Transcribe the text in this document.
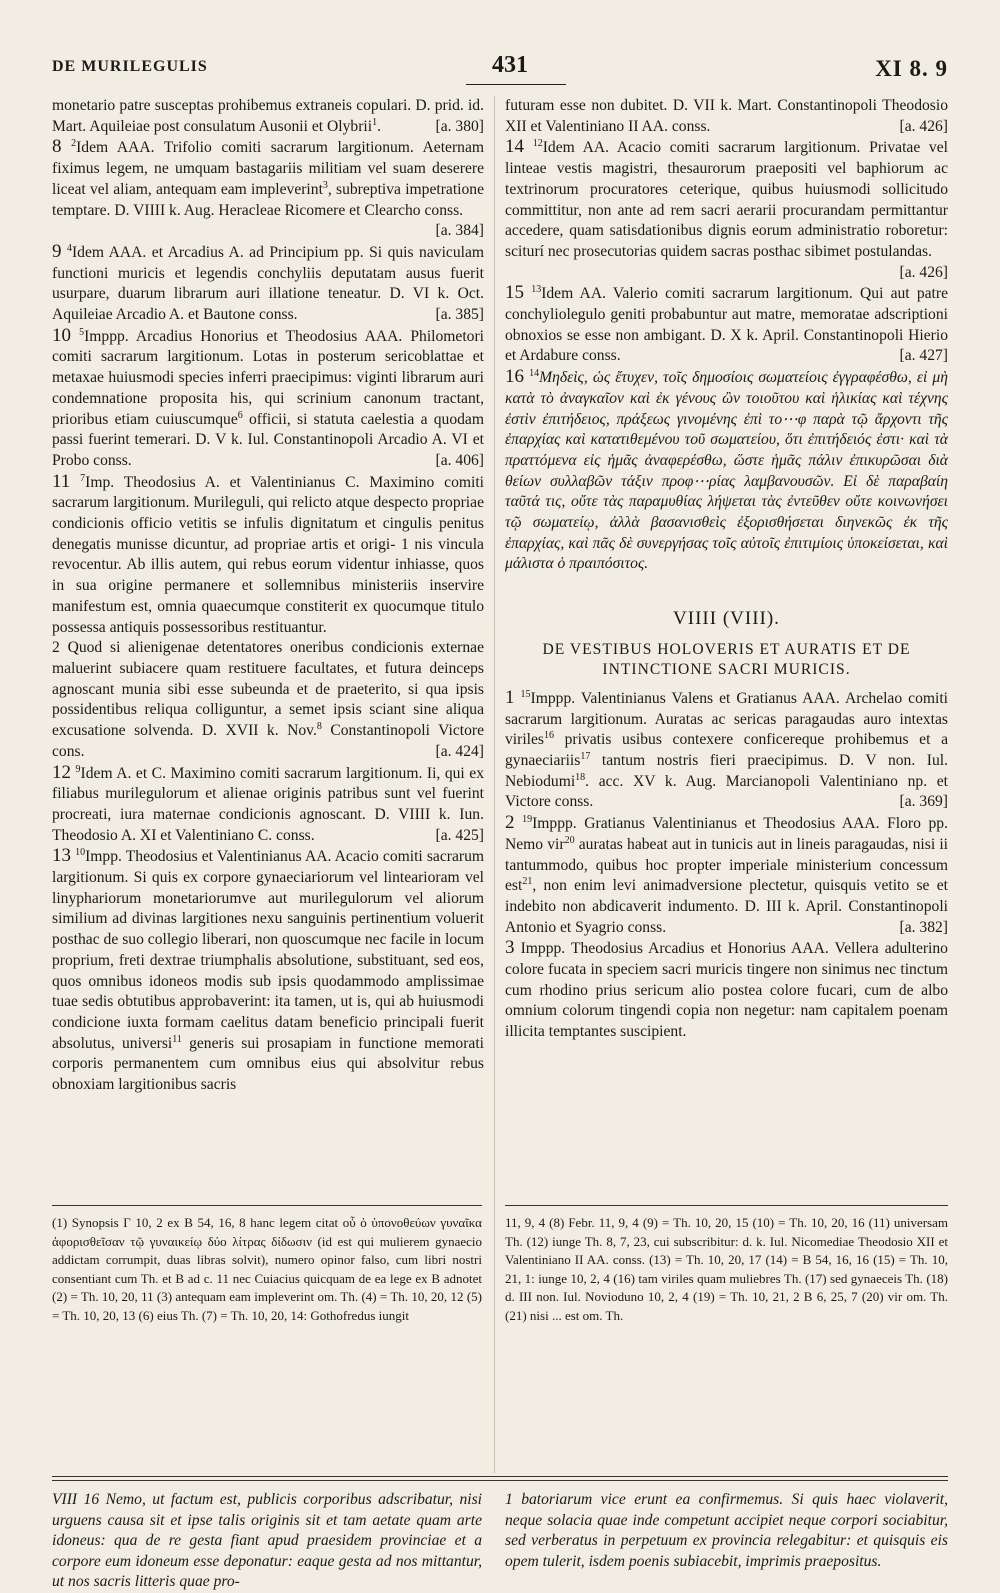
DE MURILEGULIS	431	XI 8. 9

monetario patre susceptas prohibemus extraneis copulari. D. prid. id. Mart. Aquileiae post consulatum Ausonii et Olybrii$^1$.	[a. 380]

8 $^2$Idem AAA. Trifolio comiti sacrarum largitionum. Aeternam fiximus legem, ne umquam bastagariis militiam vel suam deserere liceat vel aliam, antequam eam impleverint$^3$, subreptiva impetratione temptare. D. VIIII k. Aug. Heracleae Ricomere et Clearcho conss.
[a. 384]

9 $^4$Idem AAA. et Arcadius A. ad Principium pp. Si quis naviculam functioni muricis et legendis conchyliis deputatam ausus fuerit usurpare, duarum librarum auri illatione teneatur. D. VI k. Oct. Aquileiae Arcadio A. et Bautone conss.	[a. 385]

10 $^5$Imppp. Arcadius Honorius et Theodosius AAA. Philometori comiti sacrarum largitionum. Lotas in posterum sericoblattae et metaxae huiusmodi species inferri praecipimus: viginti librarum auri condemnatione proposita his, qui scrinium canonum tractant, prioribus etiam cuiuscumque$^6$ officii, si statuta caelestia a quodam passi fuerint temerari. D. V k. Iul. Constantinopoli Arcadio A. VI et Probo conss.	[a. 406]

11 $^7$Imp. Theodosius A. et Valentinianus C. Maximino comiti sacrarum largitionum. Murileguli, qui relicto atque despecto propriae condicionis officio vetitis se infulis dignitatum et cingulis penitus denegatis munisse dicuntur, ad propriae artis et origi- 1 nis vincula revocentur. Ab illis autem, qui rebus eorum videntur inhiasse, quos in sua origine permanere et sollemnibus ministeriis inservire manifestum est, omnia quaecumque constiterit ex quocumque titulo possessa antiquis possessoribus restituantur.

2 Quod si alienigenae detentatores oneribus condicionis externae maluerint subiacere quam restituere facultates, et futura deinceps agnoscant munia sibi esse subeunda et de praeterito, si qua ipsis possidentibus reliqua colliguntur, a semet ipsis sciant sine aliqua excusatione solvenda. D. XVII k. Nov.$^8$ Constantinopoli Victore cons.	[a. 424]

12 $^9$Idem A. et C. Maximino comiti sacrarum largitionum. Ii, qui ex filiabus murilegulorum et alienae originis patribus sunt vel fuerint procreati, iura maternae condicionis agnoscant. D. VIIII k. Iun. Theodosio A. XI et Valentiniano C. conss.	[a. 425]

13 $^{10}$Impp. Theodosius et Valentinianus AA. Acacio comiti sacrarum largitionum. Si quis ex corpore gynaeciariorum vel lintearioram vel linyphariorum monetariorumve aut murilegulorum vel aliorum similium ad divinas largitiones nexu sanguinis pertinentium voluerit posthac de suo collegio liberari, non quoscumque nec facile in locum proprium, freti dextrae triumphalis absolutione, substituant, sed eos, quos omnibus idoneos modis sub ipsis quodammodo amplissimae tuae sedis obtutibus approbaverint: ita tamen, ut is, qui ab huiusmodi condicione iuxta formam caelitus datam beneficio principali fuerit absolutus, universi$^{11}$ generis sui prosapiam in functione memorati corporis permanentem cum omnibus eius qui absolvitur rebus obnoxiam largitionibus sacris

futuram esse non dubitet. D. VII k. Mart. Constantinopoli Theodosio XII et Valentiniano II AA. conss.	[a. 426]

14 $^{12}$Idem AA. Acacio comiti sacrarum largitionum. Privatae vel linteae vestis magistri, thesaurorum praepositi vel baphiorum ac textrinorum procuratores ceterique, quibus huiusmodi sollicitudo committitur, non ante ad rem sacri aerarii procurandam permittantur accedere, quam satisdationibus dignis eorum administratio roboretur: sciturí nec prosecutorias quidem sacras posthac sibimet postulandas.
[a. 426]

15 $^{13}$Idem AA. Valerio comiti sacrarum largitionum. Qui aut patre conchyliolegulo geniti probabuntur aut matre, memoratae adscriptioni obnoxios se esse non ambigant. D. X k. April. Constantinopoli Hierio et Ardabure conss.	[a. 427]

16 $^{14}$Μηδεὶς, ὡς ἔτυχεν, τοῖς δημοσίοις σωματείοις ἐγγραφέσθω, εἰ μὴ κατὰ τὸ ἀναγκαῖον καὶ ἐκ γένους ὢν τοιοῦτου καὶ ἡλικίας καὶ τέχνης ἐστὶν ἐπιτήδειος, πράξεως γινομένης ἐπὶ το⋯φ παρὰ τῷ ἄρχοντι τῆς ἐπαρχίας καὶ κατατιθεμένου τοῦ σωματείου, ὅτι ἐπιτήδειός ἐστι· καὶ τὰ πραττόμενα εἰς ἡμᾶς ἀναφερέσθω, ὥστε ἡμᾶς πάλιν ἐπικυρῶσαι διὰ θείων συλλαβῶν τάξιν προφ⋯ρίας λαμβανουσῶν. Εἰ δὲ παραβαίη ταῦτά τις, οὔτε τὰς παραμυθίας λήψεται τὰς ἐντεῦθεν οὔτε κοινωνήσει τῷ σωματείῳ, ἀλλὰ βασανισθεὶς ἐξορισθήσεται διηνεκῶς ἐκ τῆς ἐπαρχίας, καὶ πᾶς δὲ συνεργήσας τοῖς αὐτοῖς ἐπιτιμίοις ὑποκείσεται, καὶ μάλιστα ὁ πραιπόσιτος.

VIIII (VIII).
DE VESTIBUS HOLOVERIS ET AURATIS ET DE
INTINCTIONE SACRI MURICIS.

1 $^{15}$Imppp. Valentinianus Valens et Gratianus AAA. Archelao comiti sacrarum largitionum. Auratas ac sericas paragaudas auro intextas viriles$^{16}$ privatis usibus contexere conficereque prohibemus et a gynaeciariis$^{17}$ tantum nostris fieri praecipimus. D. V non. Iul. Nebiodumi$^{18}$. acc. XV k. Aug. Marcianopoli Valentiniano np. et Victore conss.	[a. 369]

2 $^{19}$Imppp. Gratianus Valentinianus et Theodosius AAA. Floro pp. Nemo vir$^{20}$ auratas habeat aut in tunicis aut in lineis paragaudas, nisi ii tantummodo, quibus hoc propter imperiale ministerium concessum est$^{21}$, non enim levi animadversione plectetur, quisquis vetito se et indebito non abdicaverit indumento. D. III k. April. Constantinopoli Antonio et Syagrio conss.	[a. 382]

3 Imppp. Theodosius Arcadius et Honorius AAA. Vellera adulterino colore fucata in speciem sacri muricis tingere non sinimus nec tinctum cum rhodino prius sericum alio postea colore fucari, cum de albo omnium colorum tingendi copia non negetur: nam capitalem poenam illicita temptantes suscipient.

(1) Synopsis Γ 10, 2 ex B 54, 16, 8 hanc legem citat οὗ ὁ ὑπονοθεύων γυναῖκα ἀφορισθεῖσαν τῷ γυναικείῳ δύο λίτρας δίδωσιν (id est qui mulierem gynaecio addictam corrumpit, duas libras solvit), numero opinor falso, cum libri nostri consentiant cum Th. et B ad c. 11 nec Cuiacius quicquam de ea lege ex B adnotet (2) = Th. 10, 20, 11 (3) antequam eam impleverint om. Th. (4) = Th. 10, 20, 12 (5) = Th. 10, 20, 13 (6) eius Th. (7) = Th. 10, 20, 14: Gothofredus iungit
11, 9, 4 (8) Febr. 11, 9, 4 (9) = Th. 10, 20, 15 (10) = Th. 10, 20, 16 (11) universam Th. (12) iunge Th. 8, 7, 23, cui subscribitur: d. k. Iul. Nicomediae Theodosio XII et Valentiniano II AA. conss. (13) = Th. 10, 20, 17 (14) = B 54, 16, 16 (15) = Th. 10, 21, 1: iunge 10, 2, 4 (16) tam viriles quam muliebres Th. (17) sed gynaeceis Th. (18) d. III non. Iul. Novioduno 10, 2, 4 (19) = Th. 10, 21, 2 B 6, 25, 7 (20) vir om. Th. (21) nisi ... est om. Th.
VIII 16 Nemo, ut factum est, publicis corporibus adscribatur, nisi urguens causa sit et ipse talis originis sit et tam aetate quam arte idoneus: qua de re gesta fiant apud praesidem provinciae et a corpore eum idoneum esse deponatur: eaque gesta ad nos mittantur, ut nos sacris litteris quae pro-
1 batoriarum vice erunt ea confirmemus. Si quis haec violaverit, neque solacia quae inde competunt accipiet neque corpori sociabitur, sed verberatus in perpetuum ex provincia relegabitur: et quisquis eis opem tulerit, isdem poenis subiacebit, imprimis praepositus.
